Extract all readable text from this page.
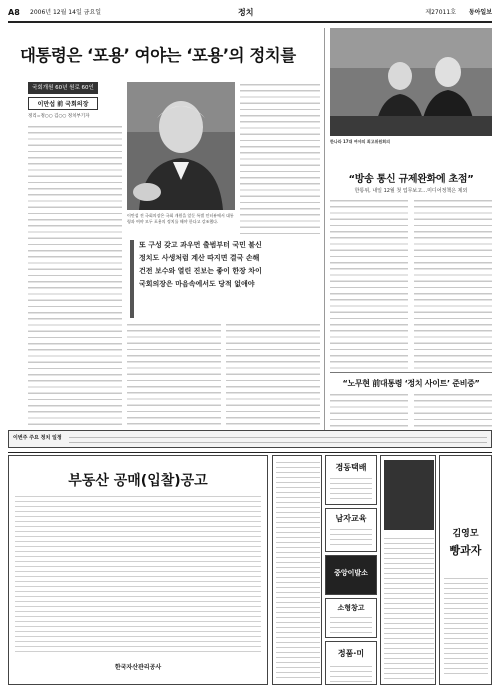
A8 2006년 12월 14일 금요일	정치	제27011호 동아일보
대통령은 ‘포용’ 여야는 ‘포용’의 정치를
국회개원 60년 원로 60인
이만섭 前 국회의장
정리=정○○ 김○○ 정치부기자
이만섭 전 국회의장은 국회 개원을 앞둔 특별 인터뷰에서 대통령과 여야 모두 포용의 정치를 해야 한다고 강조했다.
또 구성 갖고 과우먼 출범부터 국민 불신
정치도 사생처럼 계산 따지면 결국 손해
건전 보수와 열린 진보는 좋이 한장 차이
국회의장은 마음속에서도 당적 없애야
한나라 17대 여야의 최고위원회의
“방송 통신 규제완화에 초점”
한통위, 내일 12월 첫 업무보고…미디어정책은 제외
“노무현 前대통령 ‘정치 사이트’ 준비중”
이번주 주요 정치 일정
부동산 공매(입찰)공고
한국자산관리공사
경동택배
남자교육
중앙이발소
소형창고
정품·미
김영모
빵과자
